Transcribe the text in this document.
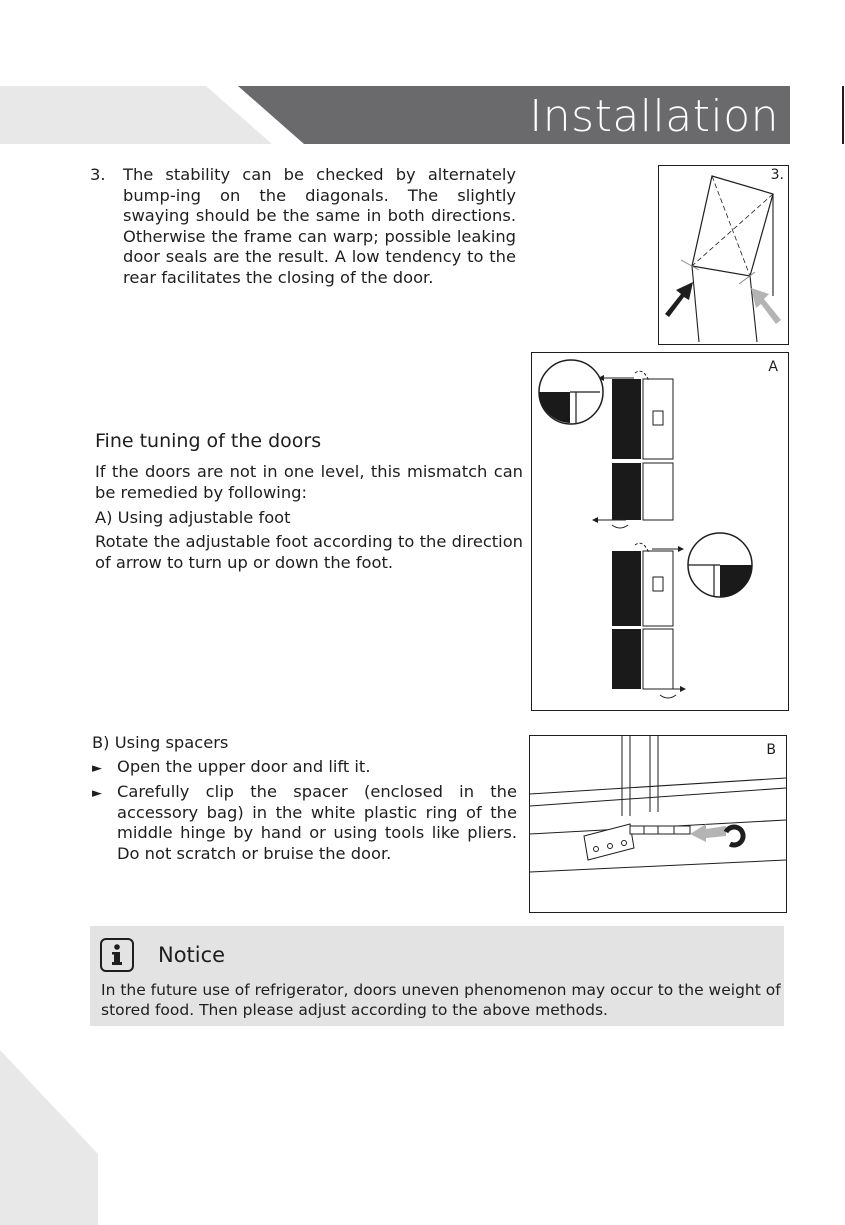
Installation
3. The stability can be checked by alternately bump-ing on the diagonals. The slightly swaying should be the same in both directions. Otherwise the frame can warp; possible leaking door seals are the result. A low tendency to the rear facilitates the closing of the door.
3.
Fine tuning of the doors
If the doors are not in one level, this mismatch can be remedied by following:
A) Using adjustable foot
Rotate the adjustable foot according to the direction of arrow to turn up or down the foot.
A
B) Using spacers
► Open the upper door and lift it.
► Carefully clip the spacer (enclosed in the accessory bag) in the white plastic ring of the middle hinge by hand or using tools like pliers. Do not scratch or bruise the door.
B
Notice
In the future use of refrigerator, doors uneven phenomenon may occur to the weight of stored food. Then please adjust according to the above methods.
